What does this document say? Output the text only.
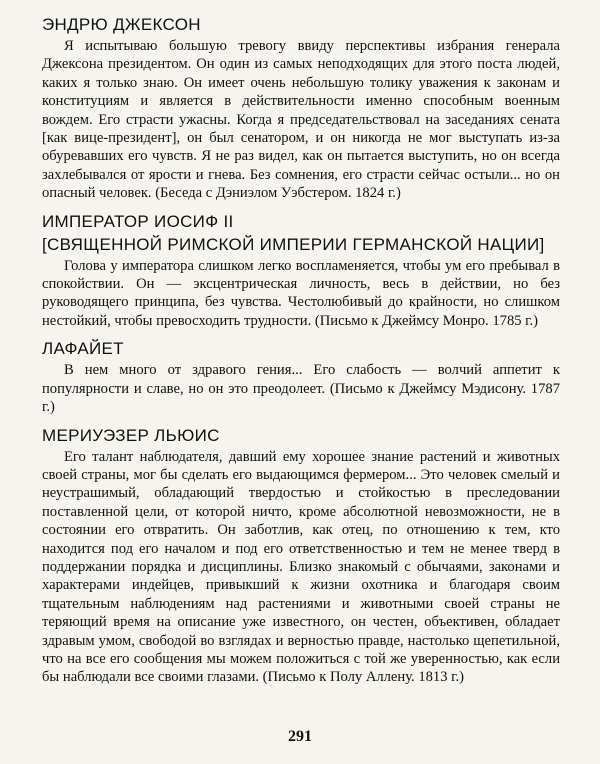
ЭНДРЮ ДЖЕКСОН

Я испытываю большую тревогу ввиду перспективы избрания генерала Джексона президентом. Он один из самых неподходящих для этого поста людей, каких я только знаю. Он имеет очень небольшую толику уважения к законам и конституциям и является в действительности именно способным военным вождем. Его страсти ужасны. Когда я председательствовал на заседаниях сената [как вице-президент], он был сенатором, и он никогда не мог выступать из-за обуревавших его чувств. Я не раз видел, как он пытается выступить, но он всегда захлебывался от ярости и гнева. Без сомнения, его страсти сейчас остыли... но он опасный человек. (Беседа с Дэниэлом Уэбстером. 1824 г.)

ИМПЕРАТОР ИОСИФ II
[СВЯЩЕННОЙ РИМСКОЙ ИМПЕРИИ ГЕРМАНСКОЙ НАЦИИ]

Голова у императора слишком легко воспламеняется, чтобы ум его пребывал в спокойствии. Он — эксцентрическая личность, весь в действии, но без руководящего принципа, без чувства. Честолюбивый до крайности, но слишком нестойкий, чтобы превосходить трудности. (Письмо к Джеймсу Монро. 1785 г.)

ЛАФАЙЕТ

В нем много от здравого гения... Его слабость — волчий аппетит к популярности и славе, но он это преодолеет. (Письмо к Джеймсу Мэдисону. 1787 г.)

МЕРИУЭЗЕР ЛЬЮИС

Его талант наблюдателя, давший ему хорошее знание растений и животных своей страны, мог бы сделать его выдающимся фермером... Это человек смелый и неустрашимый, обладающий твердостью и стойкостью в преследовании поставленной цели, от которой ничто, кроме абсолютной невозможности, не в состоянии его отвратить. Он заботлив, как отец, по отношению к тем, кто находится под его началом и под его ответственностью и тем не менее тверд в поддержании порядка и дисциплины. Близко знакомый с обычаями, законами и характерами индейцев, привыкший к жизни охотника и благодаря своим тщательным наблюдениям над растениями и животными своей страны не теряющий время на описание уже известного, он честен, объективен, обладает здравым умом, свободой во взглядах и верностью правде, настолько щепетильной, что на все его сообщения мы можем положиться с той же уверенностью, как если бы наблюдали все своими глазами. (Письмо к Полу Аллену. 1813 г.)

291
